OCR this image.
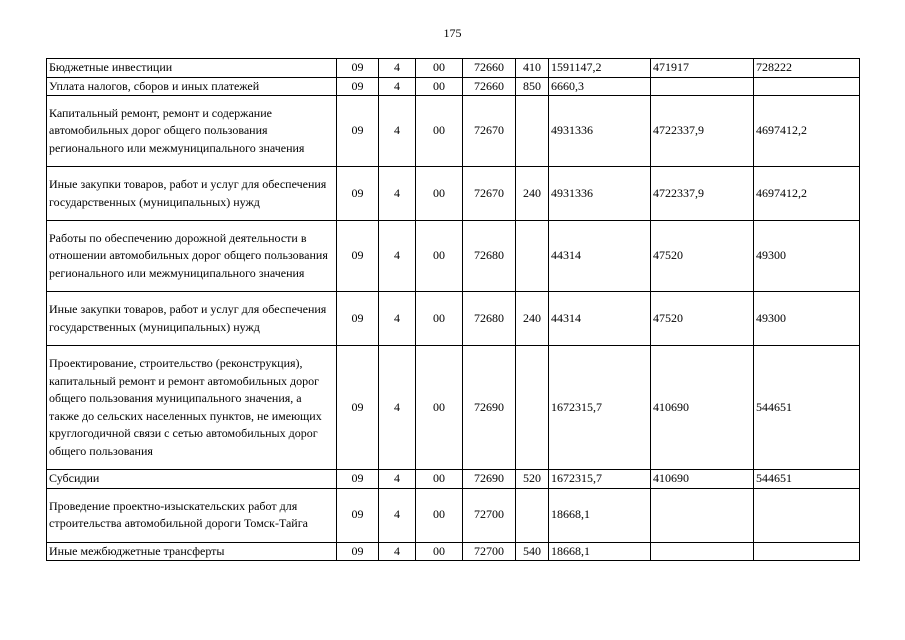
175
Бюджетные инвестиции	09	4	00	72660	410	1591147,2	471917	728222
Уплата налогов, сборов и иных платежей	09	4	00	72660	850	6660,3		
Капитальный ремонт, ремонт и содержание автомобильных дорог общего пользования регионального или межмуниципального значения	09	4	00	72670		4931336	4722337,9	4697412,2
Иные закупки товаров, работ и услуг для обеспечения государственных (муниципальных) нужд	09	4	00	72670	240	4931336	4722337,9	4697412,2
Работы по обеспечению дорожной деятельности в отношении автомобильных дорог общего пользования регионального или межмуниципального значения	09	4	00	72680		44314	47520	49300
Иные закупки товаров, работ и услуг для обеспечения государственных (муниципальных) нужд	09	4	00	72680	240	44314	47520	49300
Проектирование, строительство (реконструкция), капитальный ремонт и ремонт автомобильных дорог общего пользования муниципального значения, а также до сельских населенных пунктов, не имеющих круглогодичной связи с сетью автомобильных дорог общего пользования	09	4	00	72690		1672315,7	410690	544651
Субсидии	09	4	00	72690	520	1672315,7	410690	544651
Проведение проектно-изыскательских работ для строительства автомобильной дороги Томск-Тайга	09	4	00	72700		18668,1		
Иные межбюджетные трансферты	09	4	00	72700	540	18668,1		
